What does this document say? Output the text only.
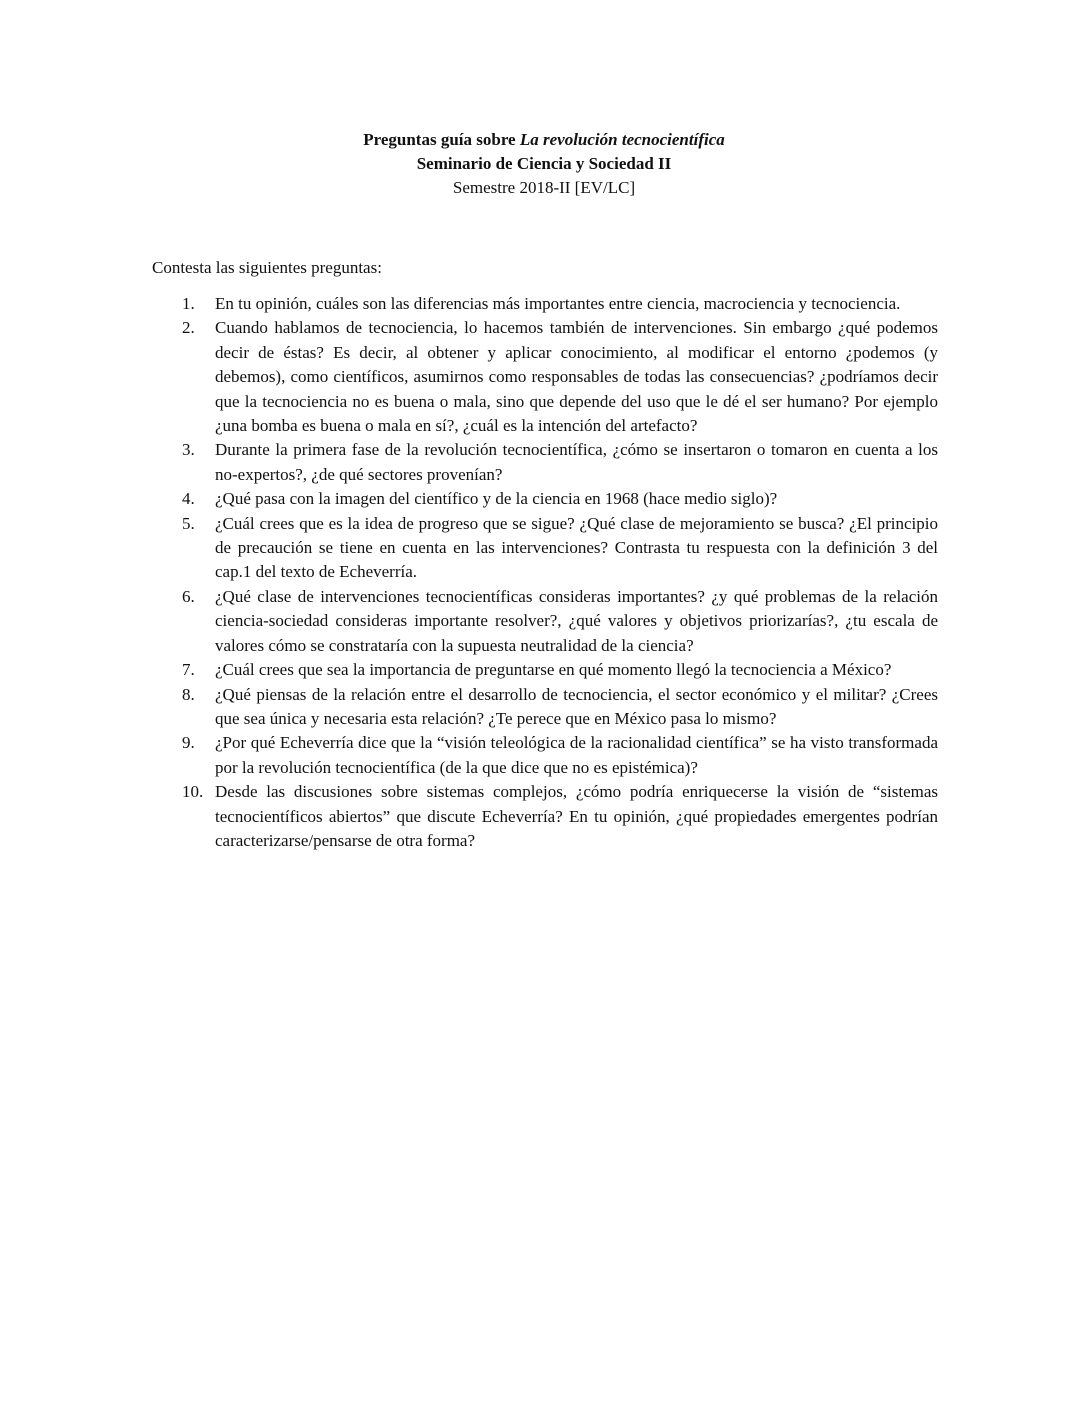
Preguntas guía sobre La revolución tecnocientífica
Seminario de Ciencia y Sociedad II
Semestre 2018-II [EV/LC]
Contesta las siguientes preguntas:
1.	En tu opinión, cuáles son las diferencias más importantes entre ciencia, macrociencia y tecnociencia.
2.	Cuando hablamos de tecnociencia, lo hacemos también de intervenciones. Sin embargo ¿qué podemos decir de éstas? Es decir, al obtener y aplicar conocimiento, al modificar el entorno ¿podemos (y debemos), como científicos, asumirnos como responsables de todas las consecuencias? ¿podríamos decir que la tecnociencia no es buena o mala, sino que depende del uso que le dé el ser humano? Por ejemplo ¿una bomba es buena o mala en sí?, ¿cuál es la intención del artefacto?
3.	Durante la primera fase de la revolución tecnocientífica, ¿cómo se insertaron o tomaron en cuenta a los no-expertos?, ¿de qué sectores provenían?
4.	¿Qué pasa con la imagen del científico y de la ciencia en 1968 (hace medio siglo)?
5.	¿Cuál crees que es la idea de progreso que se sigue? ¿Qué clase de mejoramiento se busca? ¿El principio de precaución se tiene en cuenta en las intervenciones? Contrasta tu respuesta con la definición 3 del cap.1 del texto de Echeverría.
6.	¿Qué clase de intervenciones tecnocientíficas consideras importantes? ¿y qué problemas de la relación ciencia-sociedad consideras importante resolver?, ¿qué valores y objetivos priorizarías?, ¿tu escala de valores cómo se constrataría con la supuesta neutralidad de la ciencia?
7.	¿Cuál crees que sea la importancia de preguntarse en qué momento llegó la tecnociencia a México?
8.	¿Qué piensas de la relación entre el desarrollo de tecnociencia, el sector económico y el militar? ¿Crees que sea única y necesaria esta relación? ¿Te perece que en México pasa lo mismo?
9.	¿Por qué Echeverría dice que la “visión teleológica de la racionalidad científica” se ha visto transformada por la revolución tecnocientífica (de la que dice que no es epistémica)?
10. Desde las discusiones sobre sistemas complejos, ¿cómo podría enriquecerse la visión de “sistemas tecnocientíficos abiertos” que discute Echeverría? En tu opinión, ¿qué propiedades emergentes podrían caracterizarse/pensarse de otra forma?
